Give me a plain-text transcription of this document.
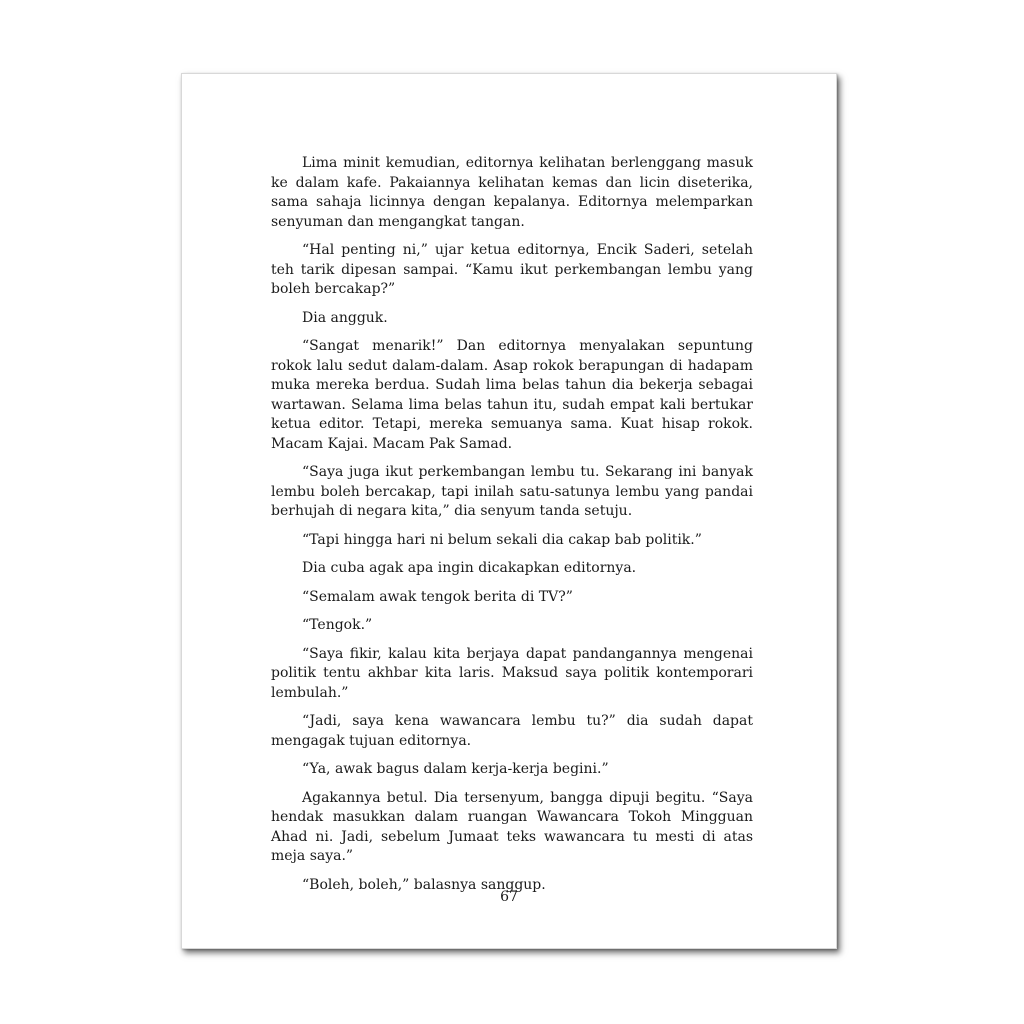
Lima minit kemudian, editornya kelihatan berlenggang masuk ke dalam kafe. Pakaiannya kelihatan kemas dan licin diseterika, sama sahaja licinnya dengan kepalanya. Editornya melemparkan senyuman dan mengangkat tangan.

“Hal penting ni,” ujar ketua editornya, Encik Saderi, setelah teh tarik dipesan sampai. “Kamu ikut perkembangan lembu yang boleh bercakap?”

Dia angguk.

“Sangat menarik!” Dan editornya menyalakan sepuntung rokok lalu sedut dalam-dalam. Asap rokok berapungan di hadapam muka mereka berdua. Sudah lima belas tahun dia bekerja sebagai wartawan. Selama lima belas tahun itu, sudah empat kali bertukar ketua editor. Tetapi, mereka semuanya sama. Kuat hisap rokok. Macam Kajai. Macam Pak Samad.

“Saya juga ikut perkembangan lembu tu. Sekarang ini banyak lembu boleh bercakap, tapi inilah satu-satunya lembu yang pandai berhujah di negara kita,” dia senyum tanda setuju.

“Tapi hingga hari ni belum sekali dia cakap bab politik.”

Dia cuba agak apa ingin dicakapkan editornya.

“Semalam awak tengok berita di TV?”

“Tengok.”

“Saya fikir, kalau kita berjaya dapat pandangannya mengenai politik tentu akhbar kita laris. Maksud saya politik kontemporari lembulah.”

“Jadi, saya kena wawancara lembu tu?” dia sudah dapat mengagak tujuan editornya.

“Ya, awak bagus dalam kerja-kerja begini.”

Agakannya betul. Dia tersenyum, bangga dipuji begitu. “Saya hendak masukkan dalam ruangan Wawancara Tokoh Mingguan Ahad ni. Jadi, sebelum Jumaat teks wawancara tu mesti di atas meja saya.”

“Boleh, boleh,” balasnya sanggup.

67
